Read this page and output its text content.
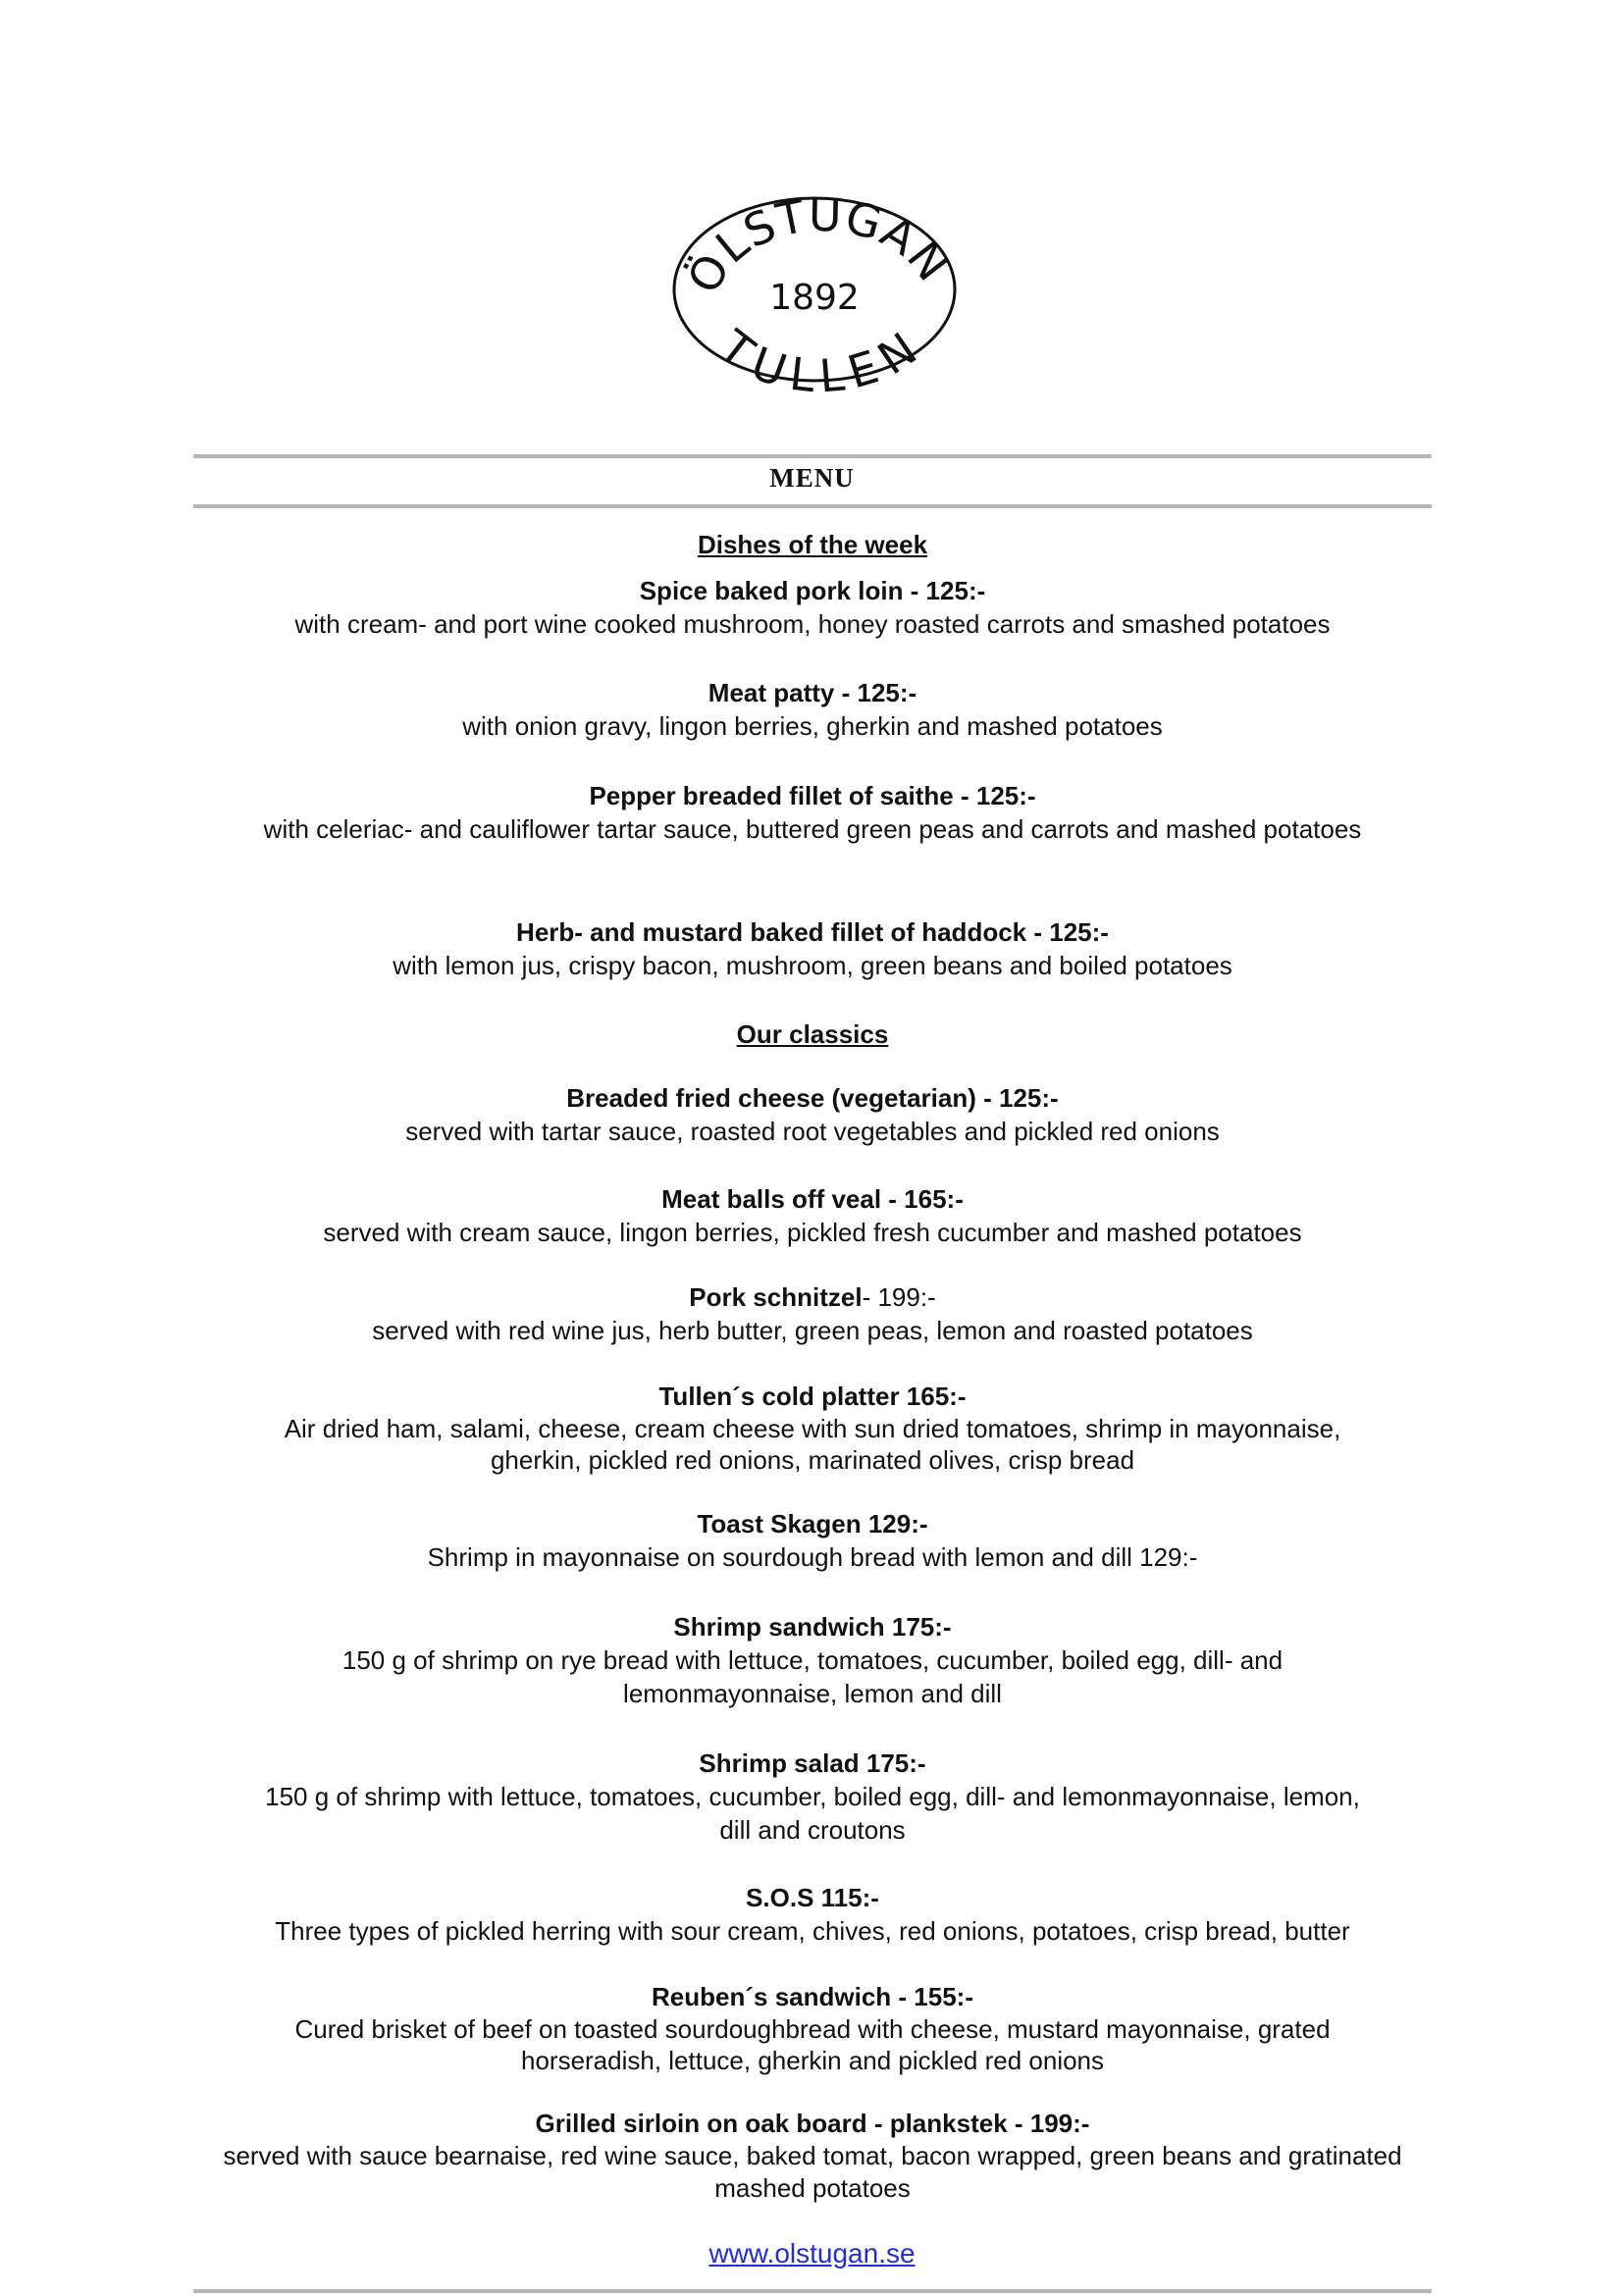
ÖLSTUGAN
1892
TULLEN
MENU
Dishes of the week
Spice baked pork loin - 125:-
with cream- and port wine cooked mushroom, honey roasted carrots and smashed potatoes
Meat patty - 125:-
with onion gravy, lingon berries, gherkin and mashed potatoes
Pepper breaded fillet of saithe - 125:-
with celeriac- and cauliflower tartar sauce, buttered green peas and carrots and mashed potatoes
Herb- and mustard baked fillet of haddock - 125:-
with lemon jus, crispy bacon, mushroom, green beans and boiled potatoes
Our classics
Breaded fried cheese (vegetarian) - 125:-
served with tartar sauce, roasted root vegetables and pickled red onions
Meat balls off veal - 165:-
served with cream sauce, lingon berries, pickled fresh cucumber and mashed potatoes
Pork schnitzel- 199:-
served with red wine jus, herb butter, green peas, lemon and roasted potatoes
Tullen´s cold platter 165:-
Air dried ham, salami, cheese, cream cheese with sun dried tomatoes, shrimp in mayonnaise, gherkin, pickled red onions, marinated olives, crisp bread
Toast Skagen 129:-
Shrimp in mayonnaise on sourdough bread with lemon and dill 129:-
Shrimp sandwich 175:-
150 g of shrimp on rye bread with lettuce, tomatoes, cucumber, boiled egg, dill- and lemonmayonnaise, lemon and dill
Shrimp salad 175:-
150 g of shrimp with lettuce, tomatoes, cucumber, boiled egg, dill- and lemonmayonnaise, lemon, dill and croutons
S.O.S 115:-
Three types of pickled herring with sour cream, chives, red onions, potatoes, crisp bread, butter
Reuben´s sandwich - 155:-
Cured brisket of beef on toasted sourdoughbread with cheese, mustard mayonnaise, grated horseradish, lettuce, gherkin and pickled red onions
Grilled sirloin on oak board - plankstek - 199:-
served with sauce bearnaise, red wine sauce, baked tomat, bacon wrapped, green beans and gratinated mashed potatoes
www.olstugan.se
